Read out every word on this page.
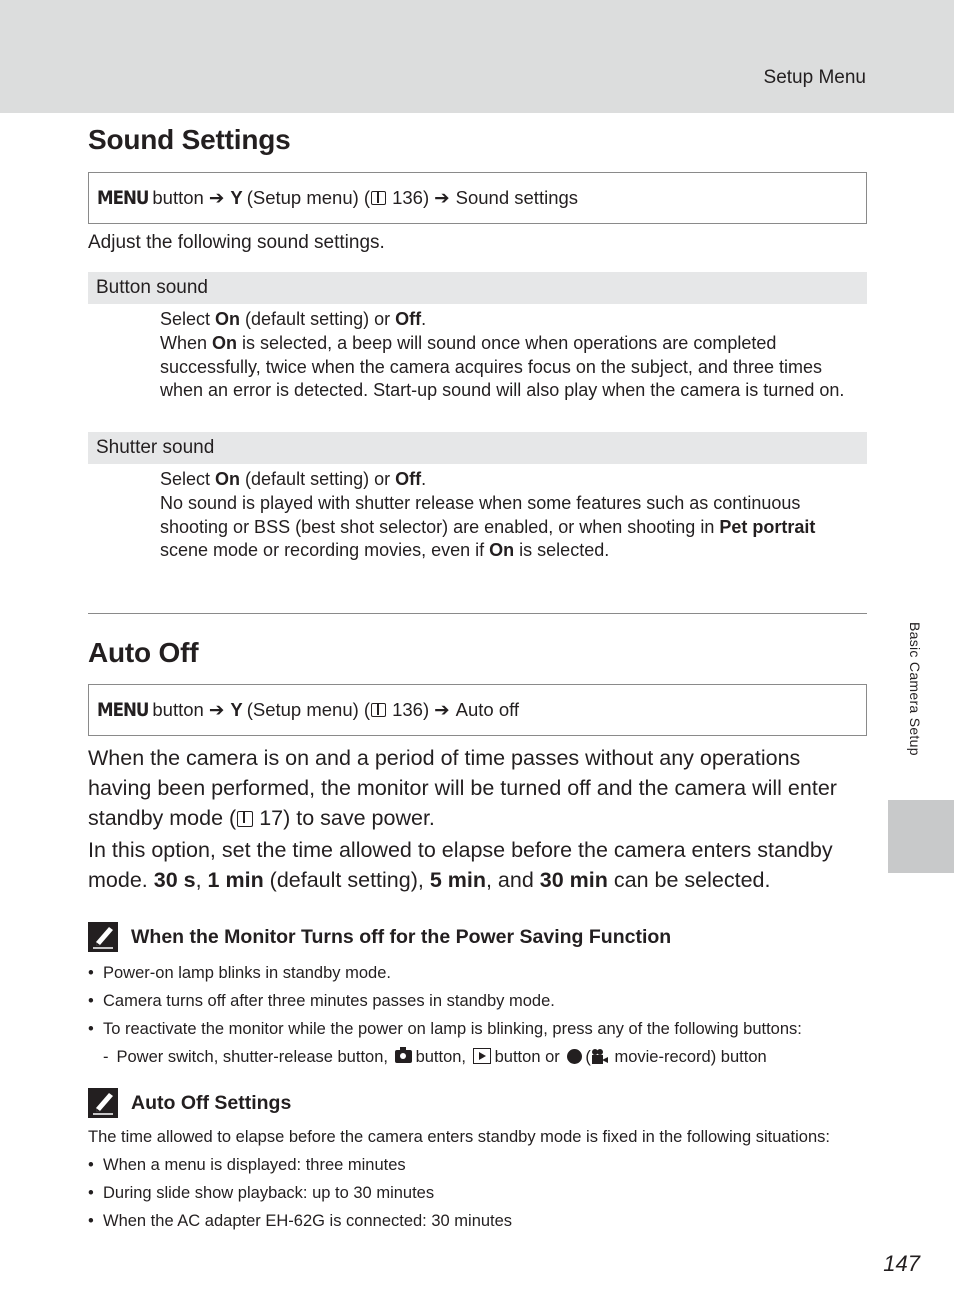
Setup Menu
Basic Camera Setup
Sound Settings
MENU button ➔ Y (Setup menu) ( 136) ➔ Sound settings

Adjust the following sound settings.

Button sound

Select On (default setting) or Off.

When On is selected, a beep will sound once when operations are completed successfully, twice when the camera acquires focus on the subject, and three times when an error is detected. Start-up sound will also play when the camera is turned on.

Shutter sound

Select On (default setting) or Off.

No sound is played with shutter release when some features such as continuous shooting or BSS (best shot selector) are enabled, or when shooting in Pet portrait scene mode or recording movies, even if On is selected.

Auto Off
MENU button ➔ Y (Setup menu) ( 136) ➔ Auto off

When the camera is on and a period of time passes without any operations having been performed, the monitor will be turned off and the camera will enter standby mode ( 17) to save power.

In this option, set the time allowed to elapse before the camera enters standby mode. 30 s, 1 min (default setting), 5 min, and 30 min can be selected.

When the Monitor Turns off for the Power Saving Function
• Power-on lamp blinks in standby mode.
• Camera turns off after three minutes passes in standby mode.
• To reactivate the monitor while the power on lamp is blinking, press any of the following buttons:
- Power switch, shutter-release button, button, button or ( movie-record) button
Auto Off Settings

The time allowed to elapse before the camera enters standby mode is fixed in the following situations:

• When a menu is displayed: three minutes
• During slide show playback: up to 30 minutes
• When the AC adapter EH-62G is connected: 30 minutes
147
